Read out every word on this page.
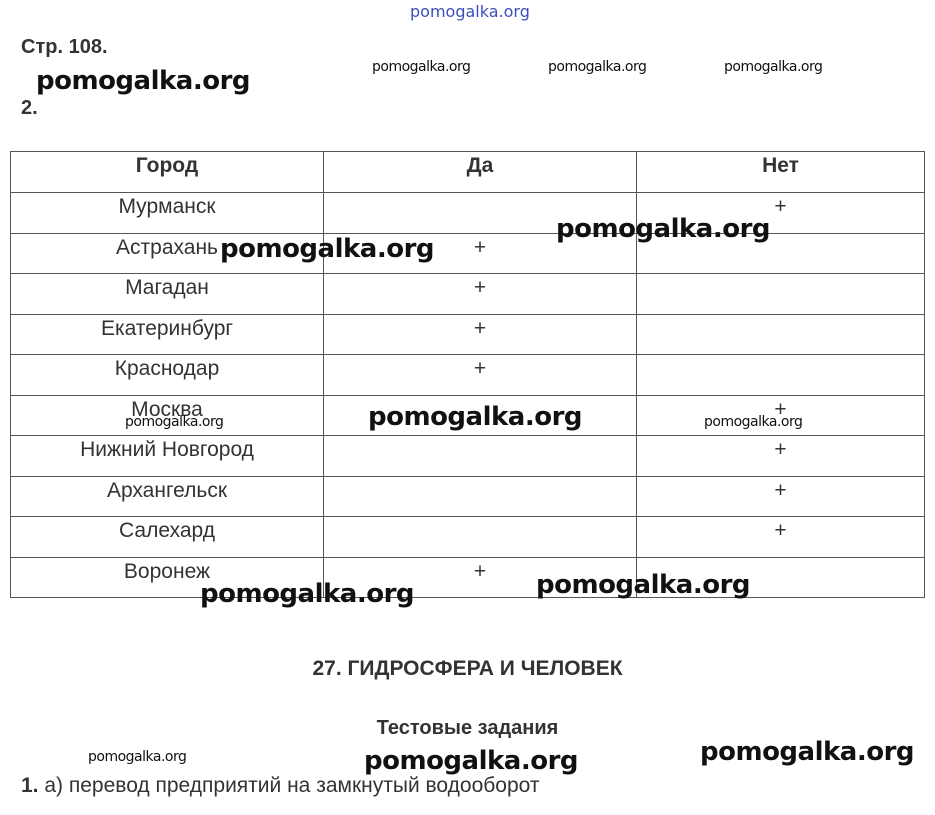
pomogalka.org
Стр. 108.
2.
Город	Да	Нет
Мурманск		+
Астрахань	+	
Магадан	+	
Екатеринбург	+	
Краснодар	+	
Москва		+
Нижний Новгород		+
Архангельск		+
Салехард		+
Воронеж	+	
pomogalka.org	pomogalka.org	pomogalka.org	pomogalka.org
pomogalka.org
pomogalka.org
pomogalka.org
pomogalka.org	pomogalka.org
pomogalka.org
pomogalka.org
27. ГИДРОСФЕРА И ЧЕЛОВЕК
Тестовые задания
pomogalka.org	pomogalka.org	pomogalka.org
1. а) перевод предприятий на замкнутый водооборот
